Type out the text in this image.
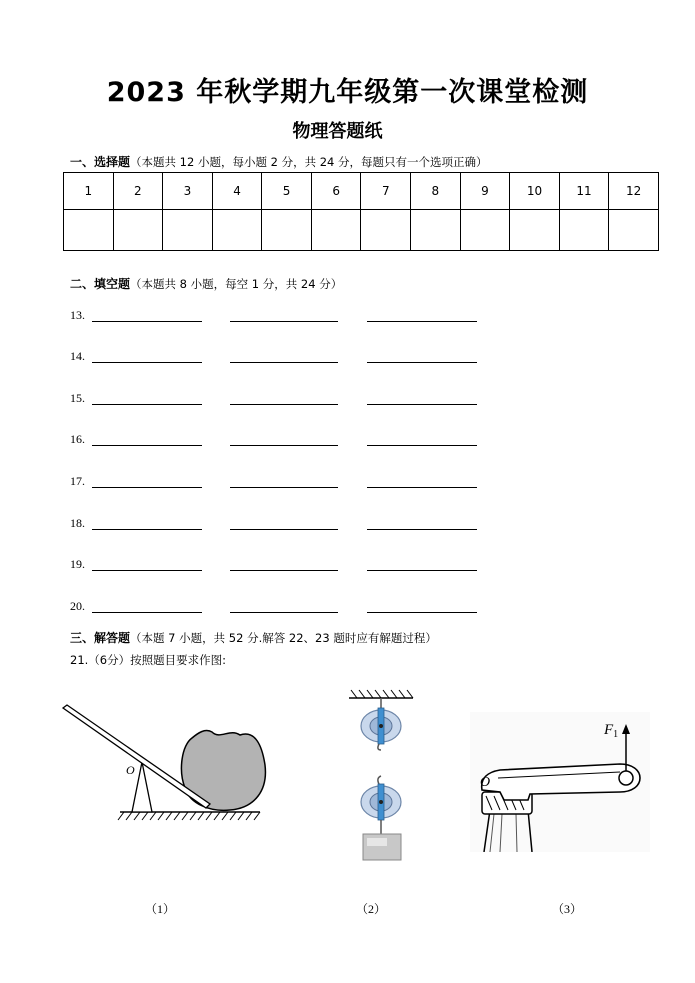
2023 年秋学期九年级第一次课堂检测
物理答题纸
一、选择题（本题共 12 小题，每小题 2 分，共 24 分，每题只有一个选项正确）
1	2	3	4	5	6	7	8	9	10	11	12

二、填空题（本题共 8 小题，每空 1 分，共 24 分）
13.
14.
15.
16.
17.
18.
19.
20.
三、解答题（本题 7 小题，共 52 分.解答 22、23 题时应有解题过程）
21.（6分）按照题目要求作图:
O
$F_1$
O
（1）	（2）	（3）
